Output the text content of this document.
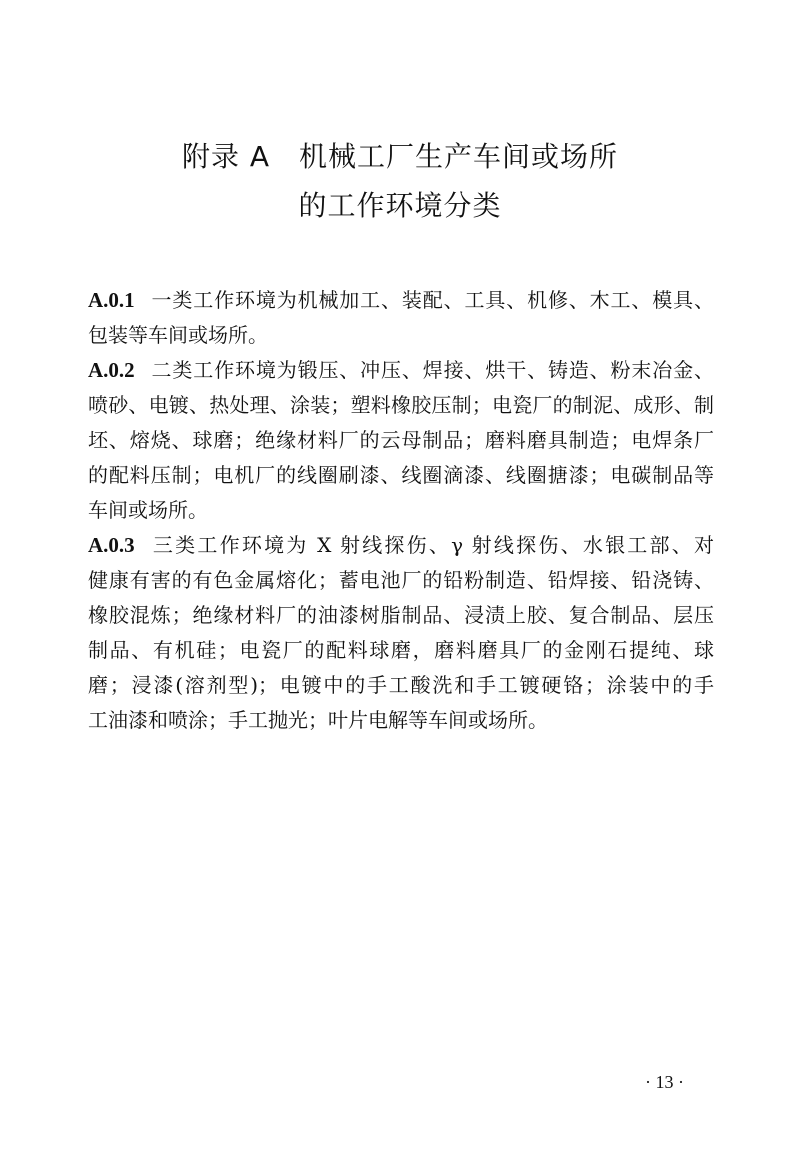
附录 A　机械工厂生产车间或场所
的工作环境分类
A.0.1 一类工作环境为机械加工、装配、工具、机修、木工、模具、
包装等车间或场所。
A.0.2 二类工作环境为锻压、冲压、焊接、烘干、铸造、粉末冶金、
喷砂、电镀、热处理、涂装；塑料橡胶压制；电瓷厂的制泥、成形、制
坯、熔烧、球磨；绝缘材料厂的云母制品；磨料磨具制造；电焊条厂
的配料压制；电机厂的线圈刷漆、线圈滴漆、线圈搪漆；电碳制品等
车间或场所。
A.0.3 三类工作环境为 X 射线探伤、γ 射线探伤、水银工部、对
健康有害的有色金属熔化；蓄电池厂的铅粉制造、铅焊接、铅浇铸、
橡胶混炼；绝缘材料厂的油漆树脂制品、浸渍上胶、复合制品、层压
制品、有机硅；电瓷厂的配料球磨，磨料磨具厂的金刚石提纯、球
磨；浸漆(溶剂型)；电镀中的手工酸洗和手工镀硬铬；涂装中的手
工油漆和喷涂；手工抛光；叶片电解等车间或场所。
· 13 ·
